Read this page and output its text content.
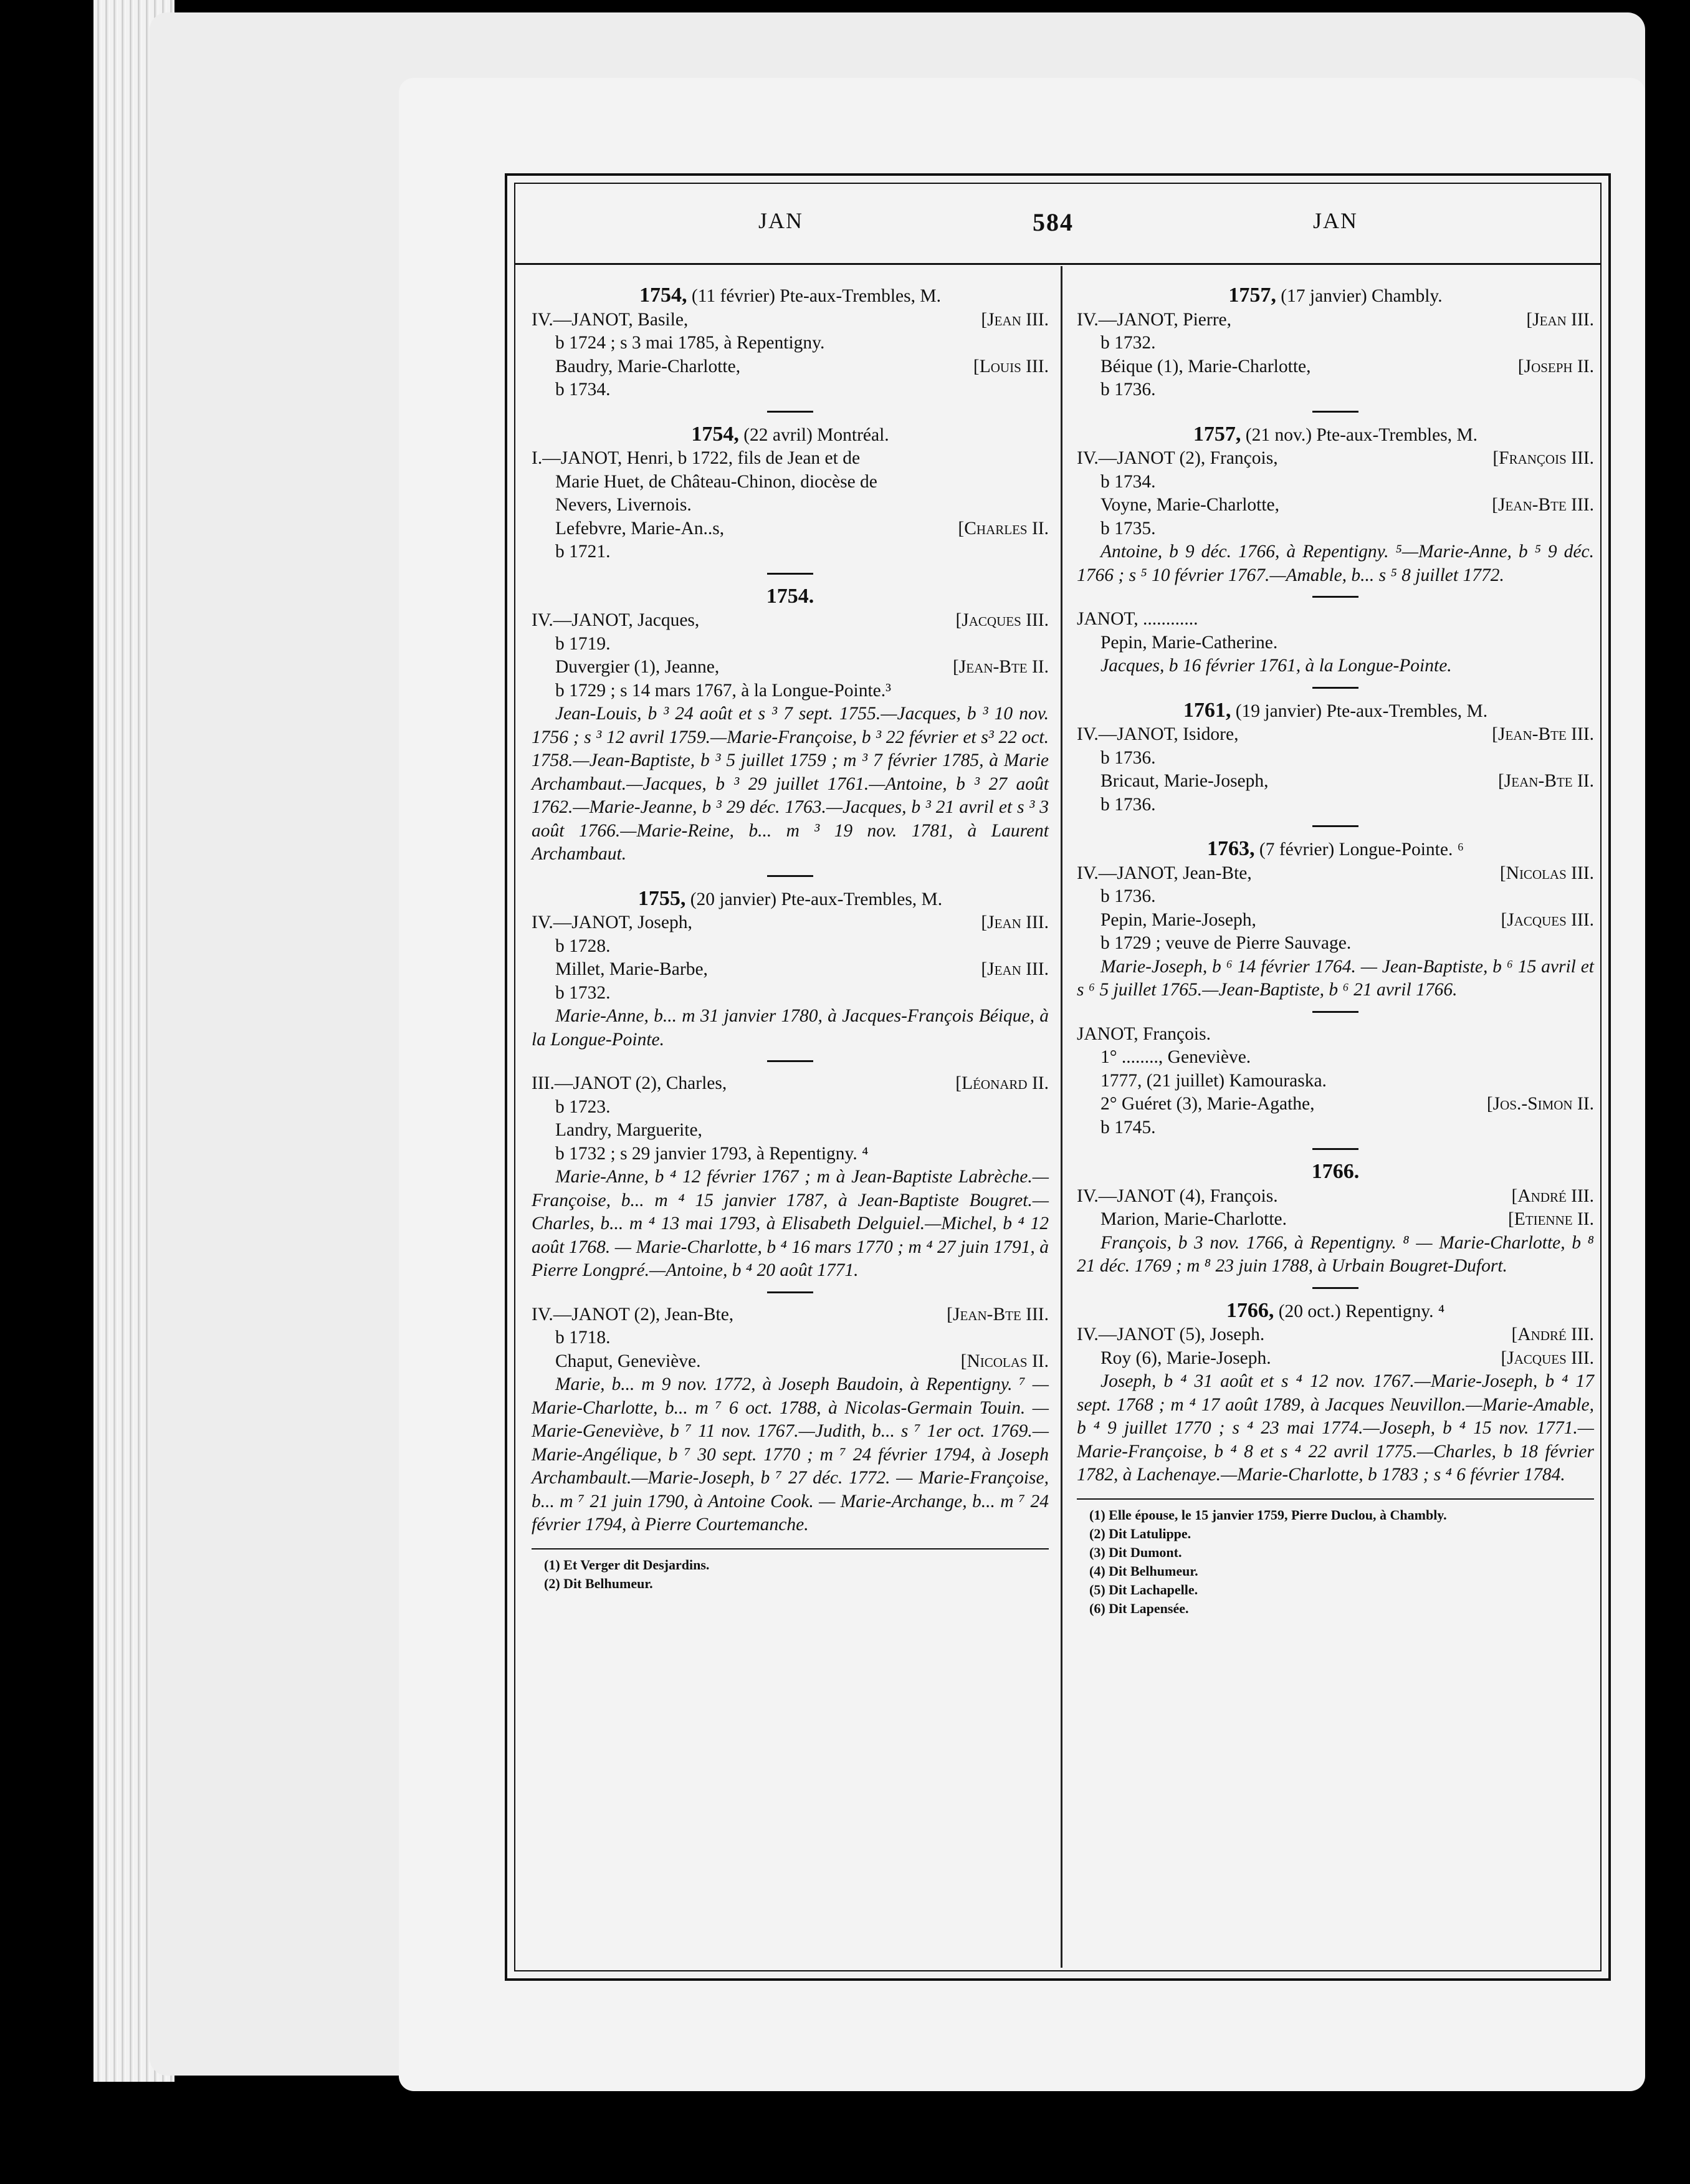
JAN	584	JAN
1754, (11 février) Pte-aux-Trembles, M.
IV.—JANOT, Basile,	[Jean III.
b 1724 ; s 3 mai 1785, à Repentigny.
Baudry, Marie-Charlotte,	[Louis III.
b 1734.
1754, (22 avril) Montréal.
I.—JANOT, Henri, b 1722, fils de Jean et de
Marie Huet, de Château-Chinon, diocèse de
Nevers, Livernois.
Lefebvre, Marie-An..s,	[Charles II.
b 1721.
1754.
IV.—JANOT, Jacques,	[Jacques III.
b 1719.
Duvergier (1), Jeanne,	[Jean-Bte II.
b 1729 ; s 14 mars 1767, à la Longue-Pointe.³
Jean-Louis, b ³ 24 août et s ³ 7 sept. 1755.—Jacques, b ³ 10 nov. 1756 ; s ³ 12 avril 1759.—Marie-Françoise, b ³ 22 février et s³ 22 oct. 1758.—Jean-Baptiste, b ³ 5 juillet 1759 ; m ³ 7 février 1785, à Marie Archambaut.—Jacques, b ³ 29 juillet 1761.—Antoine, b ³ 27 août 1762.—Marie-Jeanne, b ³ 29 déc. 1763.—Jacques, b ³ 21 avril et s ³ 3 août 1766.—Marie-Reine, b... m ³ 19 nov. 1781, à Laurent Archambaut.
1755, (20 janvier) Pte-aux-Trembles, M.
IV.—JANOT, Joseph,	[Jean III.
b 1728.
Millet, Marie-Barbe,	[Jean III.
b 1732.
Marie-Anne, b... m 31 janvier 1780, à Jacques-François Béique, à la Longue-Pointe.
III.—JANOT (2), Charles,	[Léonard II.
b 1723.
Landry, Marguerite,
b 1732 ; s 29 janvier 1793, à Repentigny. ⁴
Marie-Anne, b ⁴ 12 février 1767 ; m à Jean-Baptiste Labrèche.—Françoise, b... m ⁴ 15 janvier 1787, à Jean-Baptiste Bougret.—Charles, b... m ⁴ 13 mai 1793, à Elisabeth Delguiel.—Michel, b ⁴ 12 août 1768. — Marie-Charlotte, b ⁴ 16 mars 1770 ; m ⁴ 27 juin 1791, à Pierre Longpré.—Antoine, b ⁴ 20 août 1771.
IV.—JANOT (2), Jean-Bte,	[Jean-Bte III.
b 1718.
Chaput, Geneviève.	[Nicolas II.
Marie, b... m 9 nov. 1772, à Joseph Baudoin, à Repentigny. ⁷ — Marie-Charlotte, b... m ⁷ 6 oct. 1788, à Nicolas-Germain Touin. — Marie-Geneviève, b ⁷ 11 nov. 1767.—Judith, b... s ⁷ 1er oct. 1769.—Marie-Angélique, b ⁷ 30 sept. 1770 ; m ⁷ 24 février 1794, à Joseph Archambault.—Marie-Joseph, b ⁷ 27 déc. 1772. — Marie-Françoise, b... m ⁷ 21 juin 1790, à Antoine Cook. — Marie-Archange, b... m ⁷ 24 février 1794, à Pierre Courtemanche.
(1) Et Verger dit Desjardins.
(2) Dit Belhumeur.
1757, (17 janvier) Chambly.
IV.—JANOT, Pierre,	[Jean III.
b 1732.
Béique (1), Marie-Charlotte,	[Joseph II.
b 1736.
1757, (21 nov.) Pte-aux-Trembles, M.
IV.—JANOT (2), François,	[François III.
b 1734.
Voyne, Marie-Charlotte,	[Jean-Bte III.
b 1735.
Antoine, b 9 déc. 1766, à Repentigny. ⁵—Marie-Anne, b ⁵ 9 déc. 1766 ; s ⁵ 10 février 1767.—Amable, b... s ⁵ 8 juillet 1772.
JANOT, ............
Pepin, Marie-Catherine.
Jacques, b 16 février 1761, à la Longue-Pointe.
1761, (19 janvier) Pte-aux-Trembles, M.
IV.—JANOT, Isidore,	[Jean-Bte III.
b 1736.
Bricaut, Marie-Joseph,	[Jean-Bte II.
b 1736.
1763, (7 février) Longue-Pointe. ⁶
IV.—JANOT, Jean-Bte,	[Nicolas III.
b 1736.
Pepin, Marie-Joseph,	[Jacques III.
b 1729 ; veuve de Pierre Sauvage.
Marie-Joseph, b ⁶ 14 février 1764. — Jean-Baptiste, b ⁶ 15 avril et s ⁶ 5 juillet 1765.—Jean-Baptiste, b ⁶ 21 avril 1766.
JANOT, François.
1° ........, Geneviève.
1777, (21 juillet) Kamouraska.
2° Guéret (3), Marie-Agathe,	[Jos.-Simon II.
b 1745.
1766.
IV.—JANOT (4), François.	[André III.
Marion, Marie-Charlotte.	[Etienne II.
François, b 3 nov. 1766, à Repentigny. ⁸ — Marie-Charlotte, b ⁸ 21 déc. 1769 ; m ⁸ 23 juin 1788, à Urbain Bougret-Dufort.
1766, (20 oct.) Repentigny. ⁴
IV.—JANOT (5), Joseph.	[André III.
Roy (6), Marie-Joseph.	[Jacques III.
Joseph, b ⁴ 31 août et s ⁴ 12 nov. 1767.—Marie-Joseph, b ⁴ 17 sept. 1768 ; m ⁴ 17 août 1789, à Jacques Neuvillon.—Marie-Amable, b ⁴ 9 juillet 1770 ; s ⁴ 23 mai 1774.—Joseph, b ⁴ 15 nov. 1771.—Marie-Françoise, b ⁴ 8 et s ⁴ 22 avril 1775.—Charles, b 18 février 1782, à Lachenaye.—Marie-Charlotte, b 1783 ; s ⁴ 6 février 1784.
(1) Elle épouse, le 15 janvier 1759, Pierre Duclou, à Chambly.
(2) Dit Latulippe.
(3) Dit Dumont.
(4) Dit Belhumeur.
(5) Dit Lachapelle.
(6) Dit Lapensée.
